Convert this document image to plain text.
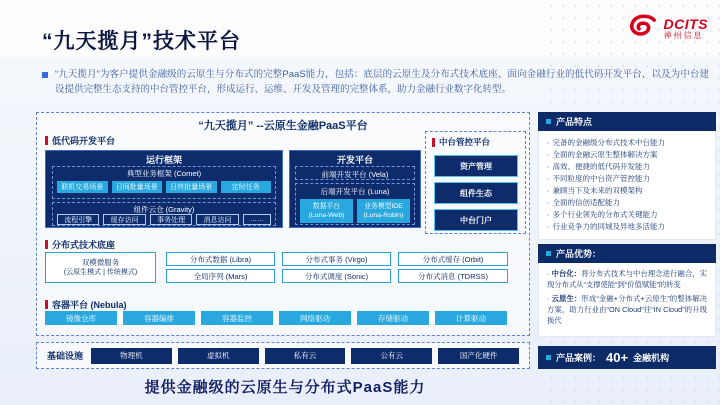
DCITS
神州信息
“九天揽月”技术平台
“九天揽月”为客户提供金融级的云原生与分布式的完整PaaS能力，包括：底层的云原生及分布式技术底座、面向金融行业的低代码开发平台，以及为中台建设提供完整生态支持的中台管控平台，形成运行、运维、开发及管理的完整体系，助力金融行业数字化转型。
“九天揽月” --云原生金融PaaS平台
低代码开发平台
运行框架
典型业务框架 (Comet)
联机交易场景	日间批量场景	日终批量场景	定时任务
组件云仓 (Gravity)
流程引擎	缓存访问	事务处理	消息访问	……
开发平台
前端开发平台 (Vela)
后端开发平台 (Luna)
数据平台
(Luna-Web)
业务模型IDE
(Luna-Robin)
中台管控平台
资产管理
组件生态
中台门户
分布式技术底座
双模微服务
(云原生模式 | 传统模式)
分布式数据 (Libra)
全局序列 (Mars)
分布式事务 (Virgo)
分布式调度 (Sonic)
分布式缓存 (Orbit)
分布式消息 (TDRSS)
容器平台 (Nebula)
镜像仓库	容器编排	容器监控	网络驱动	存储驱动	计算驱动
基础设施	物理机	虚拟机	私有云	公有云	国产化硬件
提供金融级的云原生与分布式PaaS能力
产品特点
· 完备的金融级分布式技术中台能力
· 全面的金融云原生整体解决方案
· 高效、便捷的低代码开发能力
· 不同粒度的中台资产管控能力
· 兼顾当下及未来的双模架构
· 全面的信创适配能力
· 多个行业领先的分布式关键能力
· 行业竞争力的同城及异地多活能力
产品优势：
· 中台化：将分布式技术与中台理念进行融合，实现分布式从“支撑使能”到“价值赋能”的转变
· 云原生：形成“金融+分布式+云原生”的整体解决方案，助力行业由“ON Cloud”往“IN Cloud”的升级换代
产品案例： 40+ 金融机构
